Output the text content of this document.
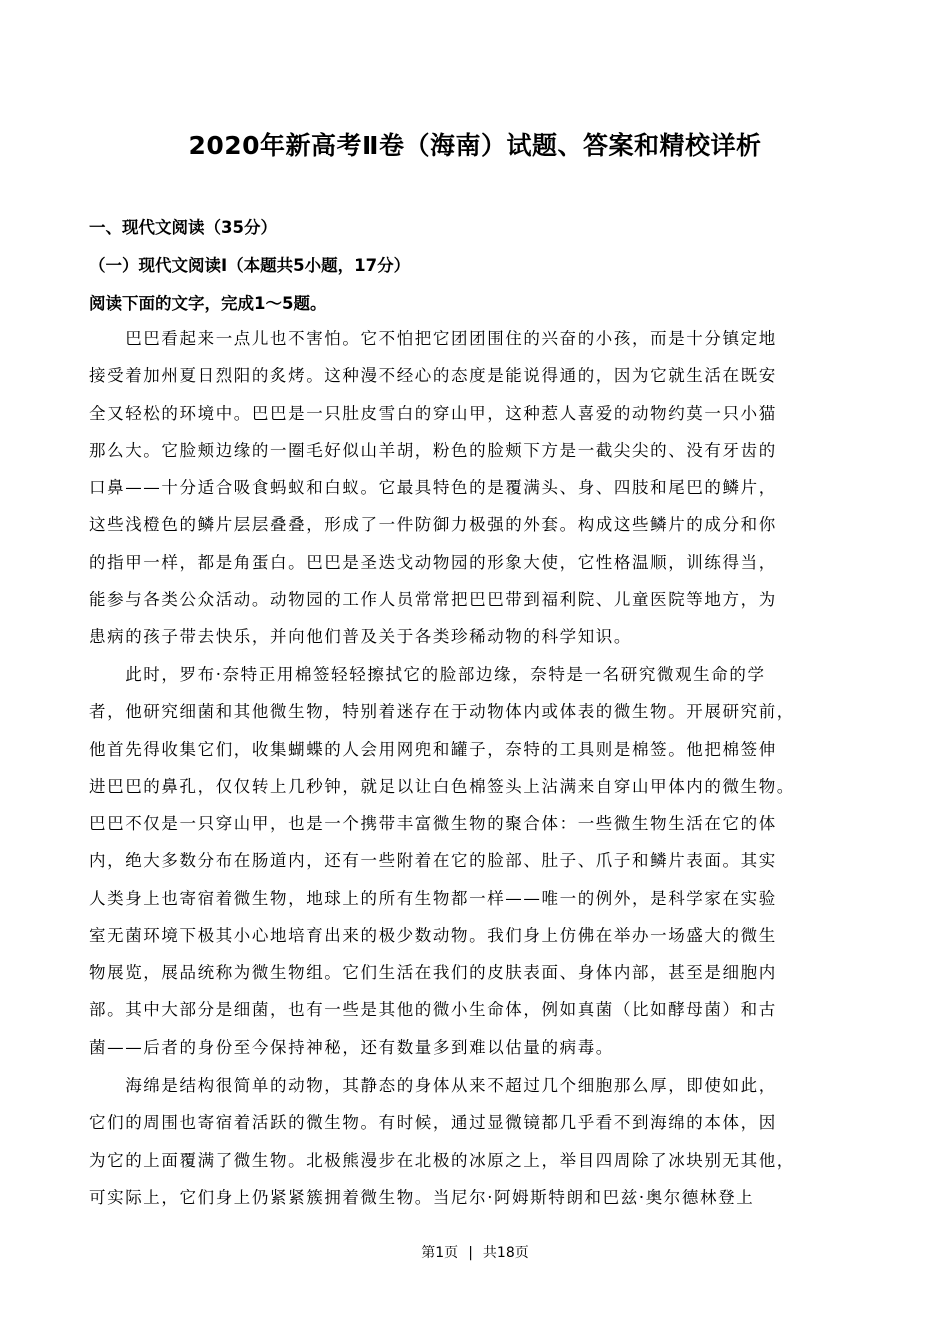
2020年新高考Ⅱ卷（海南）试题、答案和精校详析
一、现代文阅读（35分）
（一）现代文阅读Ⅰ（本题共5小题，17分）
阅读下面的文字，完成1～5题。
　　巴巴看起来一点儿也不害怕。它不怕把它团团围住的兴奋的小孩，而是十分镇定地
接受着加州夏日烈阳的炙烤。这种漫不经心的态度是能说得通的，因为它就生活在既安
全又轻松的环境中。巴巴是一只肚皮雪白的穿山甲，这种惹人喜爱的动物约莫一只小猫
那么大。它脸颊边缘的一圈毛好似山羊胡，粉色的脸颊下方是一截尖尖的、没有牙齿的
口鼻——十分适合吸食蚂蚁和白蚁。它最具特色的是覆满头、身、四肢和尾巴的鳞片，
这些浅橙色的鳞片层层叠叠，形成了一件防御力极强的外套。构成这些鳞片的成分和你
的指甲一样，都是角蛋白。巴巴是圣迭戈动物园的形象大使，它性格温顺，训练得当，
能参与各类公众活动。动物园的工作人员常常把巴巴带到福利院、儿童医院等地方，为
患病的孩子带去快乐，并向他们普及关于各类珍稀动物的科学知识。
　　此时，罗布·奈特正用棉签轻轻擦拭它的脸部边缘，奈特是一名研究微观生命的学
者，他研究细菌和其他微生物，特别着迷存在于动物体内或体表的微生物。开展研究前，
他首先得收集它们，收集蝴蝶的人会用网兜和罐子，奈特的工具则是棉签。他把棉签伸
进巴巴的鼻孔，仅仅转上几秒钟，就足以让白色棉签头上沾满来自穿山甲体内的微生物。
巴巴不仅是一只穿山甲，也是一个携带丰富微生物的聚合体：一些微生物生活在它的体
内，绝大多数分布在肠道内，还有一些附着在它的脸部、肚子、爪子和鳞片表面。其实
人类身上也寄宿着微生物，地球上的所有生物都一样——唯一的例外，是科学家在实验
室无菌环境下极其小心地培育出来的极少数动物。我们身上仿佛在举办一场盛大的微生
物展览，展品统称为微生物组。它们生活在我们的皮肤表面、身体内部，甚至是细胞内
部。其中大部分是细菌，也有一些是其他的微小生命体，例如真菌（比如酵母菌）和古
菌——后者的身份至今保持神秘，还有数量多到难以估量的病毒。
　　海绵是结构很简单的动物，其静态的身体从来不超过几个细胞那么厚，即使如此，
它们的周围也寄宿着活跃的微生物。有时候，通过显微镜都几乎看不到海绵的本体，因
为它的上面覆满了微生物。北极熊漫步在北极的冰原之上，举目四周除了冰块别无其他，
可实际上，它们身上仍紧紧簇拥着微生物。当尼尔·阿姆斯特朗和巴兹·奥尔德林登上
第1页 | 共18页
